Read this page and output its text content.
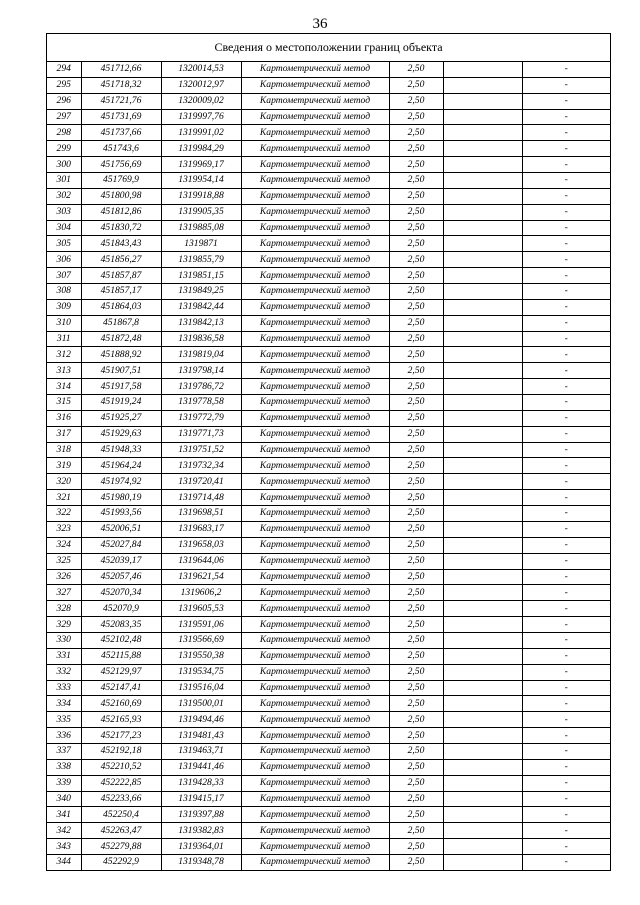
36
Сведения о местоположении границ объекта
294	451712,66	1320014,53	Картометрический метод	2,50		-
295	451718,32	1320012,97	Картометрический метод	2,50		-
296	451721,76	1320009,02	Картометрический метод	2,50		-
297	451731,69	1319997,76	Картометрический метод	2,50		-
298	451737,66	1319991,02	Картометрический метод	2,50		-
299	451743,6	1319984,29	Картометрический метод	2,50		-
300	451756,69	1319969,17	Картометрический метод	2,50		-
301	451769,9	1319954,14	Картометрический метод	2,50		-
302	451800,98	1319918,88	Картометрический метод	2,50		-
303	451812,86	1319905,35	Картометрический метод	2,50		-
304	451830,72	1319885,08	Картометрический метод	2,50		-
305	451843,43	1319871	Картометрический метод	2,50		-
306	451856,27	1319855,79	Картометрический метод	2,50		-
307	451857,87	1319851,15	Картометрический метод	2,50		-
308	451857,17	1319849,25	Картометрический метод	2,50		-
309	451864,03	1319842,44	Картометрический метод	2,50		-
310	451867,8	1319842,13	Картометрический метод	2,50		-
311	451872,48	1319836,58	Картометрический метод	2,50		-
312	451888,92	1319819,04	Картометрический метод	2,50		-
313	451907,51	1319798,14	Картометрический метод	2,50		-
314	451917,58	1319786,72	Картометрический метод	2,50		-
315	451919,24	1319778,58	Картометрический метод	2,50		-
316	451925,27	1319772,79	Картометрический метод	2,50		-
317	451929,63	1319771,73	Картометрический метод	2,50		-
318	451948,33	1319751,52	Картометрический метод	2,50		-
319	451964,24	1319732,34	Картометрический метод	2,50		-
320	451974,92	1319720,41	Картометрический метод	2,50		-
321	451980,19	1319714,48	Картометрический метод	2,50		-
322	451993,56	1319698,51	Картометрический метод	2,50		-
323	452006,51	1319683,17	Картометрический метод	2,50		-
324	452027,84	1319658,03	Картометрический метод	2,50		-
325	452039,17	1319644,06	Картометрический метод	2,50		-
326	452057,46	1319621,54	Картометрический метод	2,50		-
327	452070,34	1319606,2	Картометрический метод	2,50		-
328	452070,9	1319605,53	Картометрический метод	2,50		-
329	452083,35	1319591,06	Картометрический метод	2,50		-
330	452102,48	1319566,69	Картометрический метод	2,50		-
331	452115,88	1319550,38	Картометрический метод	2,50		-
332	452129,97	1319534,75	Картометрический метод	2,50		-
333	452147,41	1319516,04	Картометрический метод	2,50		-
334	452160,69	1319500,01	Картометрический метод	2,50		-
335	452165,93	1319494,46	Картометрический метод	2,50		-
336	452177,23	1319481,43	Картометрический метод	2,50		-
337	452192,18	1319463,71	Картометрический метод	2,50		-
338	452210,52	1319441,46	Картометрический метод	2,50		-
339	452222,85	1319428,33	Картометрический метод	2,50		-
340	452233,66	1319415,17	Картометрический метод	2,50		-
341	452250,4	1319397,88	Картометрический метод	2,50		-
342	452263,47	1319382,83	Картометрический метод	2,50		-
343	452279,88	1319364,01	Картометрический метод	2,50		-
344	452292,9	1319348,78	Картометрический метод	2,50		-
